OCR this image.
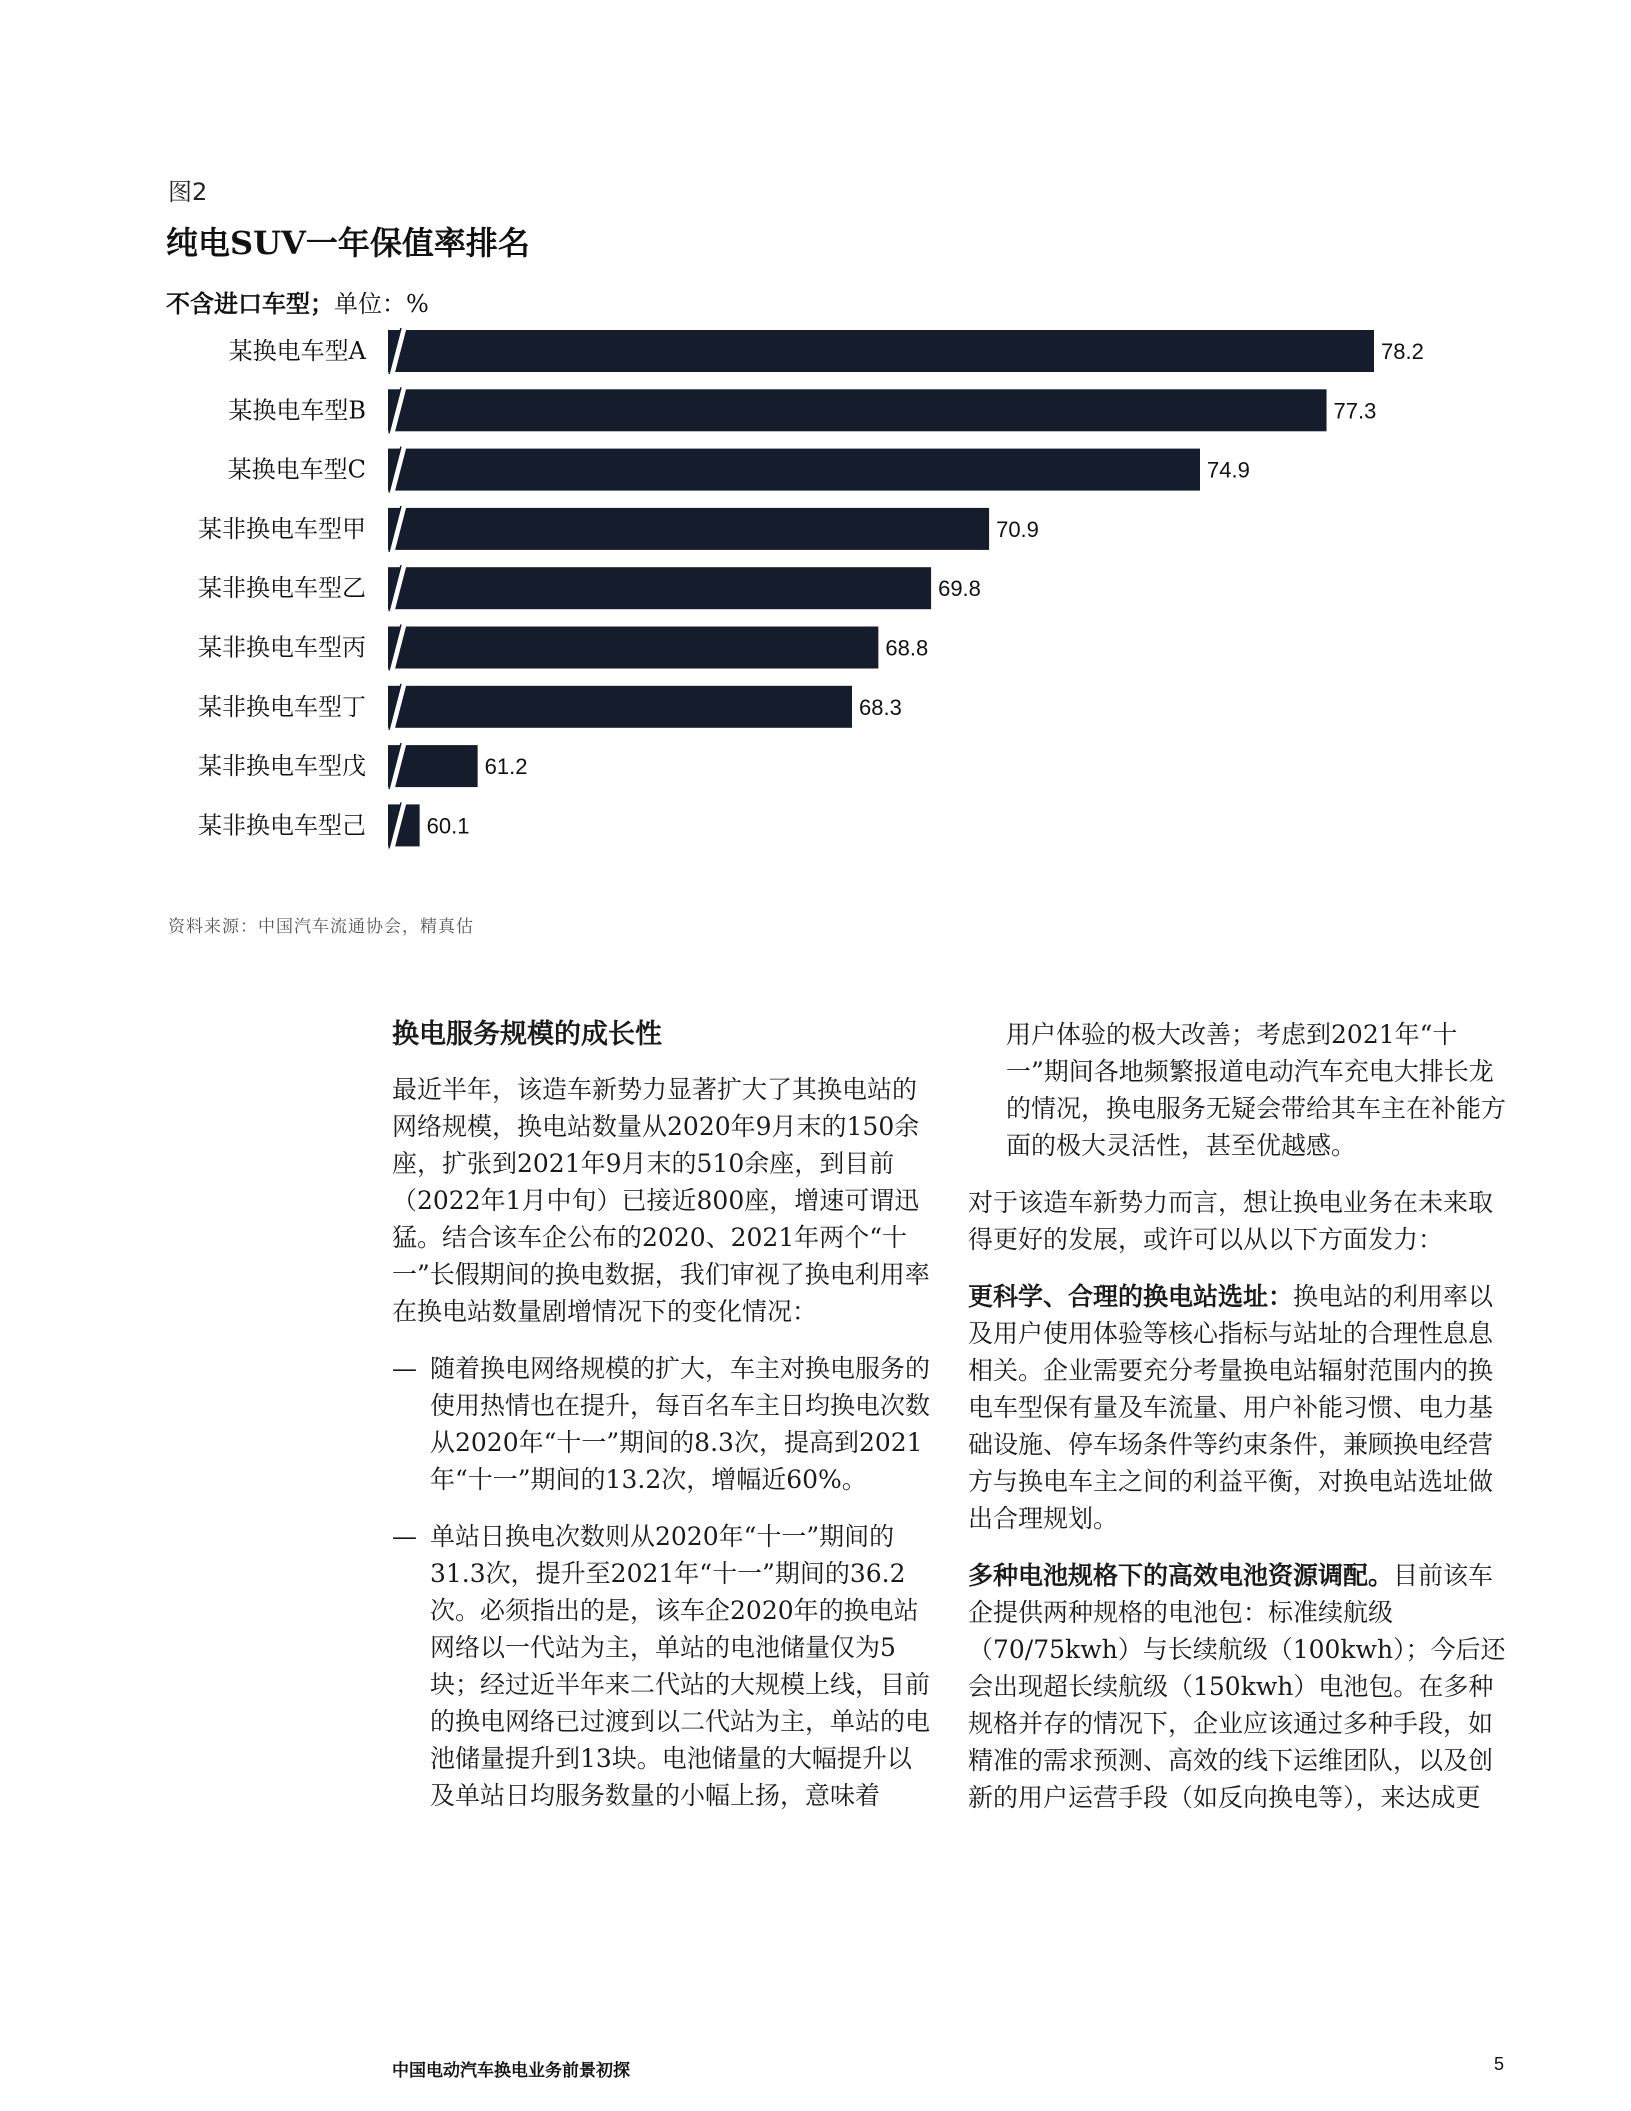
图2
纯电SUV一年保值率排名
不含进口车型；单位：%
某换电车型A	78.2
某换电车型B	77.3
某换电车型C	74.9
某非换电车型甲	70.9
某非换电车型乙	69.8
某非换电车型丙	68.8
某非换电车型丁	68.3
某非换电车型戊	61.2
某非换电车型己	60.1
资料来源：中国汽车流通协会，精真估

换电服务规模的成长性

最近半年，该造车新势力显著扩大了其换电站的网络规模，换电站数量从2020年9月末的150余座，扩张到2021年9月末的510余座，到目前（2022年1月中旬）已接近800座，增速可谓迅猛。结合该车企公布的2020、2021年两个“十一”长假期间的换电数据，我们审视了换电利用率在换电站数量剧增情况下的变化情况：

— 随着换电网络规模的扩大，车主对换电服务的使用热情也在提升，每百名车主日均换电次数从2020年“十一”期间的8.3次，提高到2021年“十一”期间的13.2次，增幅近60%。

— 单站日换电次数则从2020年“十一”期间的31.3次，提升至2021年“十一”期间的36.2次。必须指出的是，该车企2020年的换电站网络以一代站为主，单站的电池储量仅为5块；经过近半年来二代站的大规模上线，目前的换电网络已过渡到以二代站为主，单站的电池储量提升到13块。电池储量的大幅提升以及单站日均服务数量的小幅上扬，意味着

用户体验的极大改善；考虑到2021年“十一”期间各地频繁报道电动汽车充电大排长龙的情况，换电服务无疑会带给其车主在补能方面的极大灵活性，甚至优越感。

对于该造车新势力而言，想让换电业务在未来取得更好的发展，或许可以从以下方面发力：

更科学、合理的换电站选址：换电站的利用率以及用户使用体验等核心指标与站址的合理性息息相关。企业需要充分考量换电站辐射范围内的换电车型保有量及车流量、用户补能习惯、电力基础设施、停车场条件等约束条件，兼顾换电经营方与换电车主之间的利益平衡，对换电站选址做出合理规划。

多种电池规格下的高效电池资源调配。目前该车企提供两种规格的电池包：标准续航级（70/75kwh）与长续航级（100kwh）；今后还会出现超长续航级（150kwh）电池包。在多种规格并存的情况下，企业应该通过多种手段，如精准的需求预测、高效的线下运维团队，以及创新的用户运营手段（如反向换电等），来达成更

中国电动汽车换电业务前景初探	5
